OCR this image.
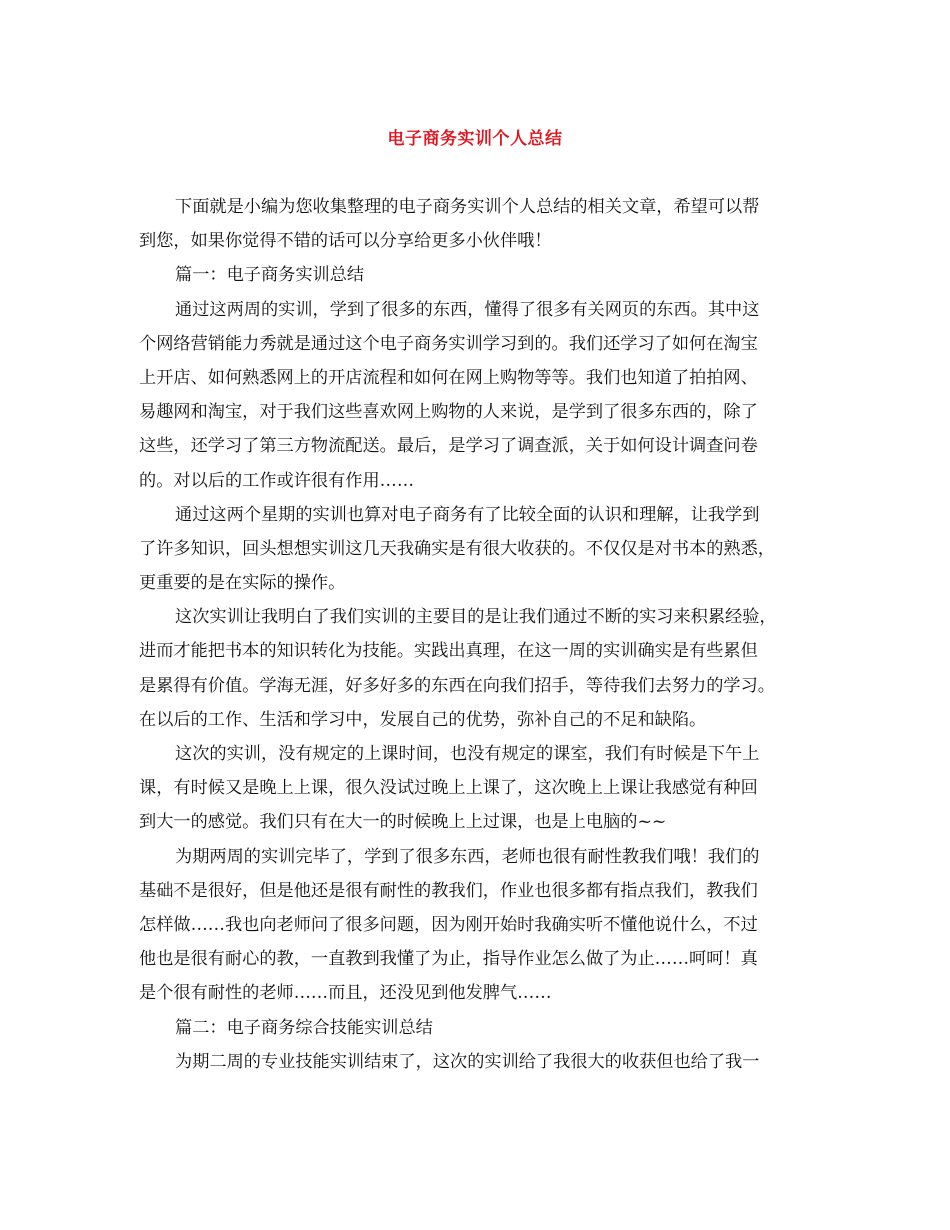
电子商务实训个人总结
下面就是小编为您收集整理的电子商务实训个人总结的相关文章，希望可以帮
到您，如果你觉得不错的话可以分享给更多小伙伴哦！
篇一：电子商务实训总结
通过这两周的实训，学到了很多的东西，懂得了很多有关网页的东西。其中这
个网络营销能力秀就是通过这个电子商务实训学习到的。我们还学习了如何在淘宝
上开店、如何熟悉网上的开店流程和如何在网上购物等等。我们也知道了拍拍网、
易趣网和淘宝，对于我们这些喜欢网上购物的人来说，是学到了很多东西的，除了
这些，还学习了第三方物流配送。最后，是学习了调查派，关于如何设计调查问卷
的。对以后的工作或许很有作用……
通过这两个星期的实训也算对电子商务有了比较全面的认识和理解，让我学到
了许多知识，回头想想实训这几天我确实是有很大收获的。不仅仅是对书本的熟悉，
更重要的是在实际的操作。
这次实训让我明白了我们实训的主要目的是让我们通过不断的实习来积累经验，
进而才能把书本的知识转化为技能。实践出真理，在这一周的实训确实是有些累但
是累得有价值。学海无涯，好多好多的东西在向我们招手，等待我们去努力的学习。
在以后的工作、生活和学习中，发展自己的优势，弥补自己的不足和缺陷。
这次的实训，没有规定的上课时间，也没有规定的课室，我们有时候是下午上
课，有时候又是晚上上课，很久没试过晚上上课了，这次晚上上课让我感觉有种回
到大一的感觉。我们只有在大一的时候晚上上过课，也是上电脑的~~
为期两周的实训完毕了，学到了很多东西，老师也很有耐性教我们哦！我们的
基础不是很好，但是他还是很有耐性的教我们，作业也很多都有指点我们，教我们
怎样做……我也向老师问了很多问题，因为刚开始时我确实听不懂他说什么，不过
他也是很有耐心的教，一直教到我懂了为止，指导作业怎么做了为止……呵呵！真
是个很有耐性的老师……而且，还没见到他发脾气……
篇二：电子商务综合技能实训总结
为期二周的专业技能实训结束了，这次的实训给了我很大的收获但也给了我一
